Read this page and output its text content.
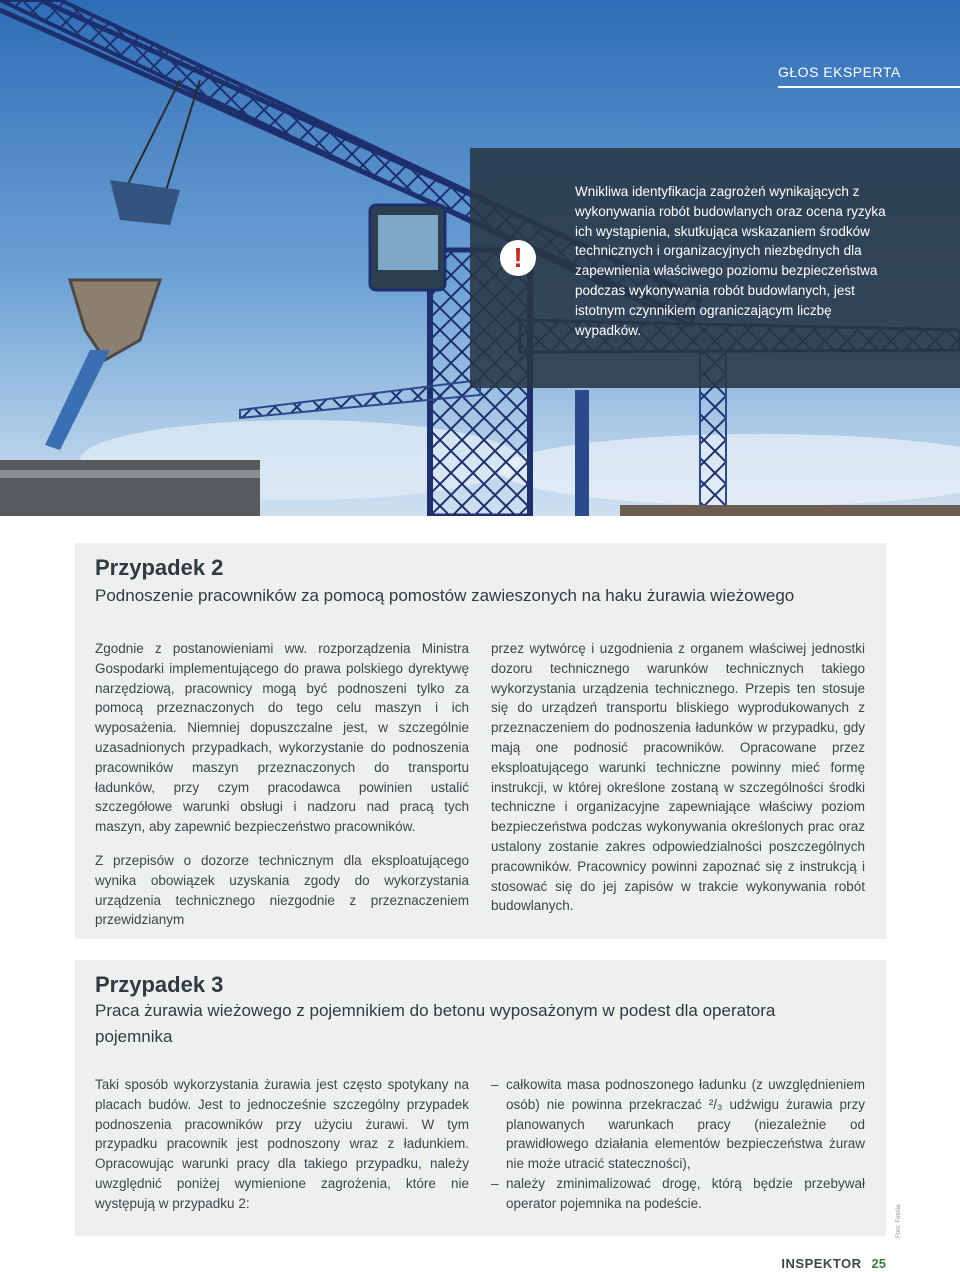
GŁOS EKSPERTA
!
Wnikliwa identyfikacja zagrożeń wynikających z wykonywania robót budowlanych oraz ocena ryzyka ich wystąpienia, skutkująca wskazaniem środków technicznych i organizacyjnych niezbędnych dla zapewnienia właściwego poziomu bezpieczeństwa podczas wykonywania robót budowlanych, jest istotnym czynnikiem ograniczającym liczbę wypadków.
Przypadek 2
Podnoszenie pracowników za pomocą pomostów zawieszonych na haku żurawia wieżowego

Zgodnie z postanowieniami ww. rozporządzenia Ministra Gospodarki implementującego do prawa polskiego dyrektywę narzędziową, pracownicy mogą być podnoszeni tylko za pomocą przeznaczonych do tego celu maszyn i ich wyposażenia. Niemniej dopuszczalne jest, w szczególnie uzasadnionych przypadkach, wykorzystanie do podnoszenia pracowników maszyn przeznaczonych do transportu ładunków, przy czym pracodawca powinien ustalić szczegółowe warunki obsługi i nadzoru nad pracą tych maszyn, aby zapewnić bezpieczeństwo pracowników.

Z przepisów o dozorze technicznym dla eksploatującego wynika obowiązek uzyskania zgody do wykorzystania urządzenia technicznego niezgodnie z przeznaczeniem przewidzianym

przez wytwórcę i uzgodnienia z organem właściwej jednostki dozoru technicznego warunków technicznych takiego wykorzystania urządzenia technicznego. Przepis ten stosuje się do urządzeń transportu bliskiego wyprodukowanych z przeznaczeniem do podnoszenia ładunków w przypadku, gdy mają one podnosić pracowników. Opracowane przez eksploatującego warunki techniczne powinny mieć formę instrukcji, w której określone zostaną w szczególności środki techniczne i organizacyjne zapewniające właściwy poziom bezpieczeństwa podczas wykonywania określonych prac oraz ustalony zostanie zakres odpowiedzialności poszczególnych pracowników. Pracownicy powinni zapoznać się z instrukcją i stosować się do jej zapisów w trakcie wykonywania robót budowlanych.

Przypadek 3
Praca żurawia wieżowego z pojemnikiem do betonu wyposażonym w podest dla operatora pojemnika

Taki sposób wykorzystania żurawia jest często spotykany na placach budów. Jest to jednocześnie szczególny przypadek podnoszenia pracowników przy użyciu żurawi. W tym przypadku pracownik jest podnoszony wraz z ładunkiem. Opracowując warunki pracy dla takiego przypadku, należy uwzględnić poniżej wymienione zagrożenia, które nie występują w przypadku 2:

– całkowita masa podnoszonego ładunku (z uwzględnieniem osób) nie powinna przekraczać ²/₃ udźwigu żurawia przy planowanych warunkach pracy (niezależnie od prawidłowego działania elementów bezpieczeństwa żuraw nie może utracić stateczności),
– należy zminimalizować drogę, którą będzie przebywał operator pojemnika na podeście.
Foto: Fotolia
INSPEKTOR 25
